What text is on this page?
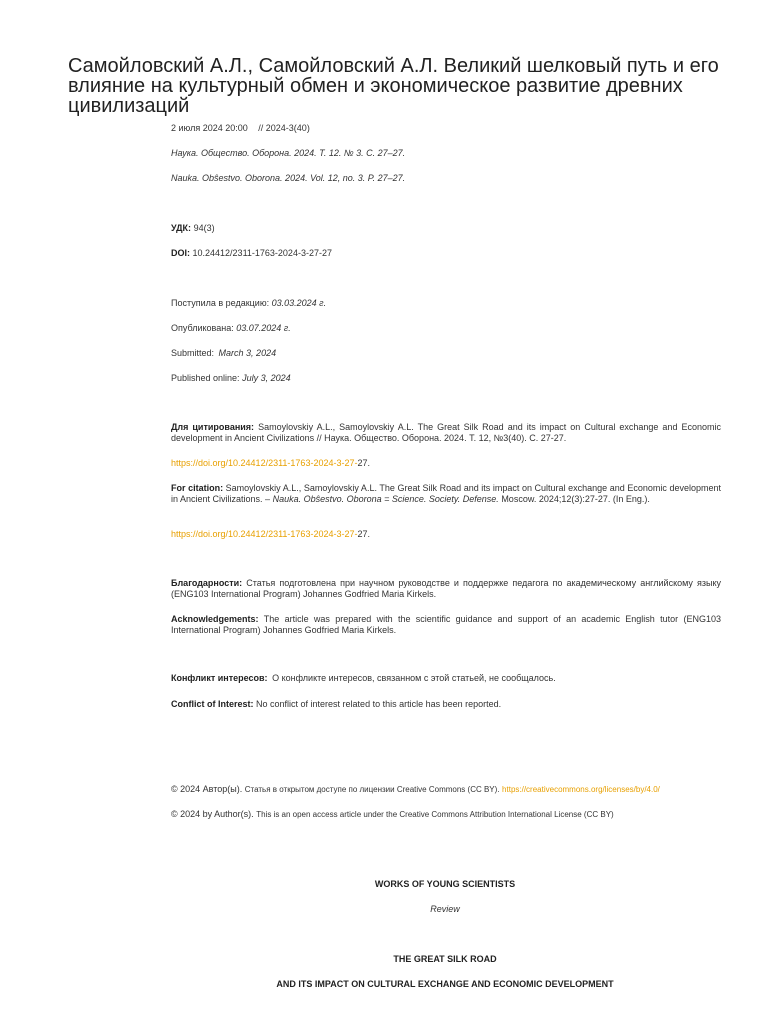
Самойловский А.Л., Самойловский А.Л. Великий шелковый путь и его влияние на культурный обмен и экономическое развитие древних цивилизаций
2 июля 2024 20:00 // 2024-3(40)
Наука. Общество. Оборона. 2024. Т. 12. № 3. С. 27–27.
Nauka. Obŝestvo. Oborona. 2024. Vol. 12, no. 3. P. 27–27.
УДК: 94(3)
DOI: 10.24412/2311-1763-2024-3-27-27
Поступила в редакцию: 03.03.2024 г.
Опубликована: 03.07.2024 г.
Submitted: March 3, 2024
Published online: July 3, 2024
Для цитирования: Samoylovskiy A.L., Samoylovskiy A.L. The Great Silk Road and its impact on Cultural exchange and Economic development in Ancient Civilizations // Наука. Общество. Оборона. 2024. Т. 12, №3(40). С. 27-27.
https://doi.org/10.24412/2311-1763-2024-3-27-27.
For citation: Samoylovskiy A.L., Samoylovskiy A.L. The Great Silk Road and its impact on Cultural exchange and Economic development in Ancient Civilizations. – Nauka. Obŝestvo. Oborona = Science. Society. Defense. Moscow. 2024;12(3):27-27. (In Eng.).
https://doi.org/10.24412/2311-1763-2024-3-27-27.
Благодарности: Статья подготовлена при научном руководстве и поддержке педагога по академическому английскому языку (ENG103 International Program) Johannes Godfried Maria Kirkels.
Acknowledgements: The article was prepared with the scientific guidance and support of an academic English tutor (ENG103 International Program) Johannes Godfried Maria Kirkels.
Конфликт интересов: О конфликте интересов, связанном с этой статьей, не сообщалось.
Conflict of Interest: No conflict of interest related to this article has been reported.
© 2024 Автор(ы). Статья в открытом доступе по лицензии Creative Commons (CC BY). https://creativecommons.org/licenses/by/4.0/
© 2024 by Author(s). This is an open access article under the Creative Commons Attribution International License (CC BY)
WORKS OF YOUNG SCIENTISTS
Review
THE GREAT SILK ROAD
AND ITS IMPACT ON CULTURAL EXCHANGE AND ECONOMIC DEVELOPMENT
